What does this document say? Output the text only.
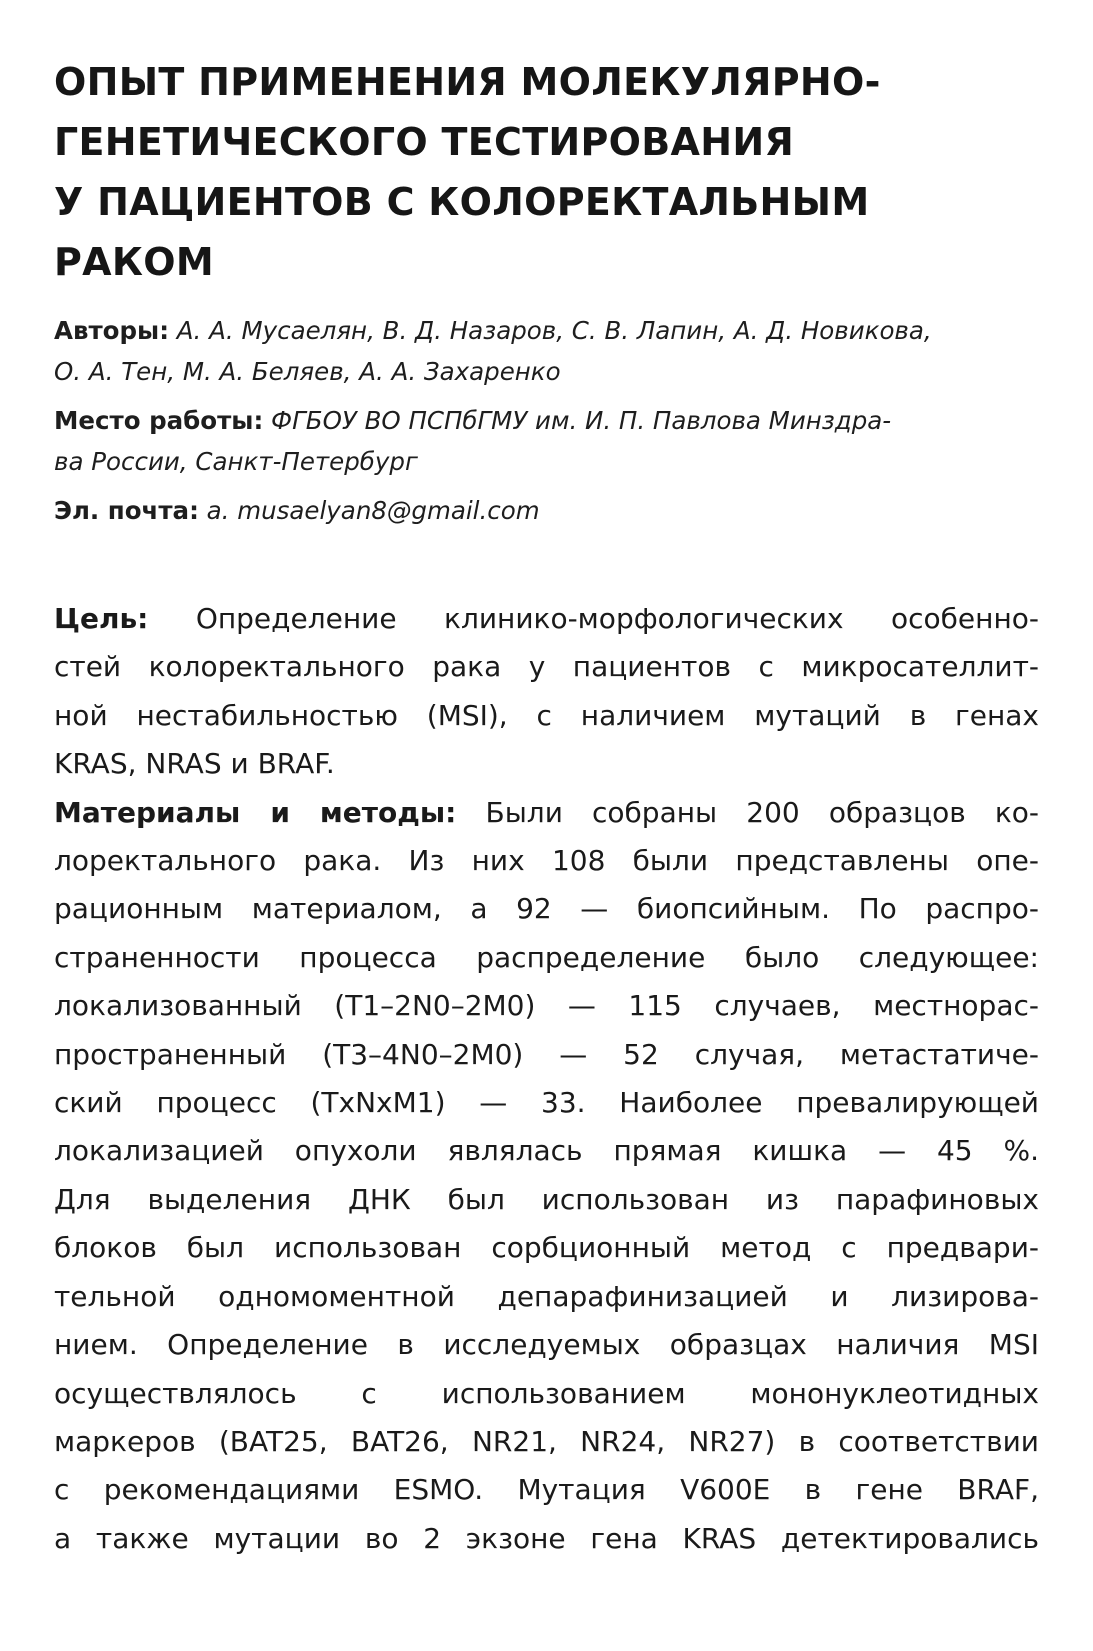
ОПЫТ ПРИМЕНЕНИЯ МОЛЕКУЛЯРНО-
ГЕНЕТИЧЕСКОГО ТЕСТИРОВАНИЯ
У ПАЦИЕНТОВ С КОЛОРЕКТАЛЬНЫМ
РАКОМ
Авторы: А. А. Мусаелян, В. Д. Назаров, С. В. Лапин, А. Д. Новикова,
О. А. Тен, М. А. Беляев, А. А. Захаренко
Место работы: ФГБОУ ВО ПСПбГМУ им. И. П. Павлова Минздра-
ва России, Санкт-Петербург
Эл. почта: a. musaelyan8@gmail.com
Цель: Определение клинико-морфологических особенно-
стей колоректального рака у пациентов с микросателлит-
ной нестабильностью (MSI), с наличием мутаций в генах
KRAS, NRAS и BRAF.
Материалы и методы: Были собраны 200 образцов ко-
лоректального рака. Из них 108 были представлены опе-
рационным материалом, а 92 — биопсийным. По распро-
страненности процесса распределение было следующее:
локализованный (T1–2N0–2M0) — 115 случаев, местнорас-
пространенный (T3–4N0–2M0) — 52 случая, метастатиче-
ский процесс (TxNxM1) — 33. Наиболее превалирующей
локализацией опухоли являлась прямая кишка — 45 %.
Для выделения ДНК был использован из парафиновых
блоков был использован сорбционный метод с предвари-
тельной одномоментной депарафинизацией и лизирова-
нием. Определение в исследуемых образцах наличия MSI
осуществлялось с использованием мононуклеотидных
маркеров (BAT25, BAT26, NR21, NR24, NR27) в соответствии
с рекомендациями ESMO. Мутация V600E в гене BRAF,
а также мутации во 2 экзоне гена KRAS детектировались
